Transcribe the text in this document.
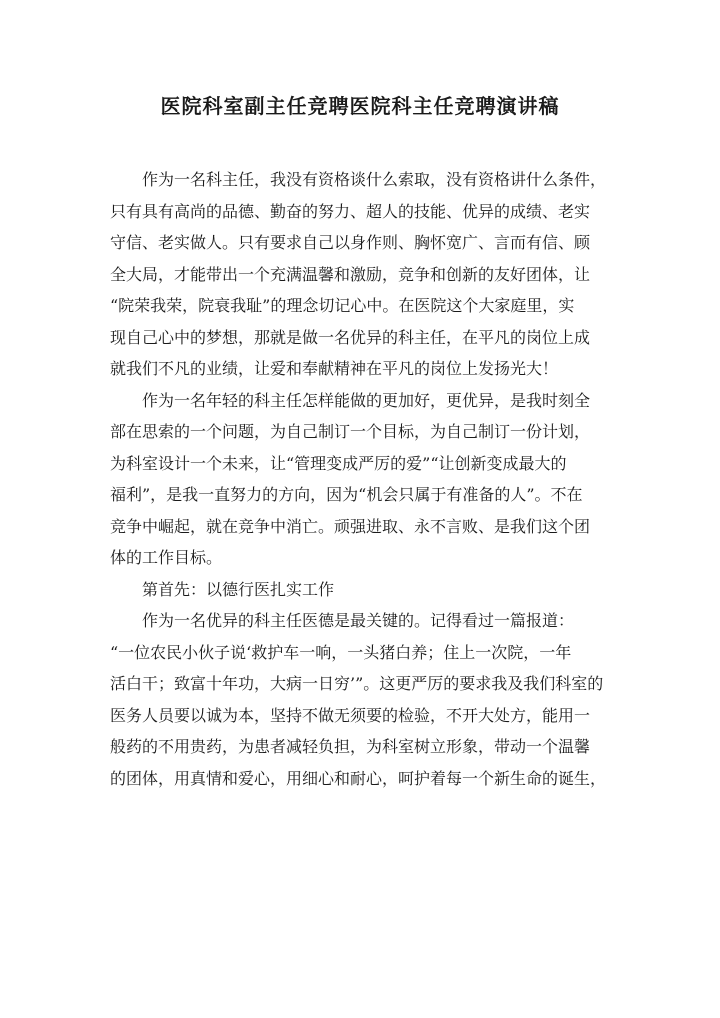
医院科室副主任竞聘医院科主任竞聘演讲稿

作为一名科主任，我没有资格谈什么索取，没有资格讲什么条件，
只有具有高尚的品德、勤奋的努力、超人的技能、优异的成绩、老实
守信、老实做人。只有要求自己以身作则、胸怀宽广、言而有信、顾
全大局，才能带出一个充满温馨和激励，竞争和创新的友好团体，让
“院荣我荣，院衰我耻”的理念切记心中。在医院这个大家庭里，实
现自己心中的梦想，那就是做一名优异的科主任，在平凡的岗位上成
就我们不凡的业绩，让爱和奉献精神在平凡的岗位上发扬光大！

作为一名年轻的科主任怎样能做的更加好，更优异，是我时刻全
部在思索的一个问题，为自己制订一个目标，为自己制订一份计划，
为科室设计一个未来，让“管理变成严厉的爱”“让创新变成最大的
福利”，是我一直努力的方向，因为“机会只属于有准备的人”。不在
竞争中崛起，就在竞争中消亡。顽强进取、永不言败、是我们这个团
体的工作目标。

第首先：以德行医扎实工作

作为一名优异的科主任医德是最关键的。记得看过一篇报道：
“一位农民小伙子说‘救护车一响，一头猪白养；住上一次院，一年
活白干；致富十年功，大病一日穷’”。这更严厉的要求我及我们科室的
医务人员要以诚为本，坚持不做无须要的检验，不开大处方，能用一
般药的不用贵药，为患者减轻负担，为科室树立形象，带动一个温馨
的团体，用真情和爱心，用细心和耐心，呵护着每一个新生命的诞生，
